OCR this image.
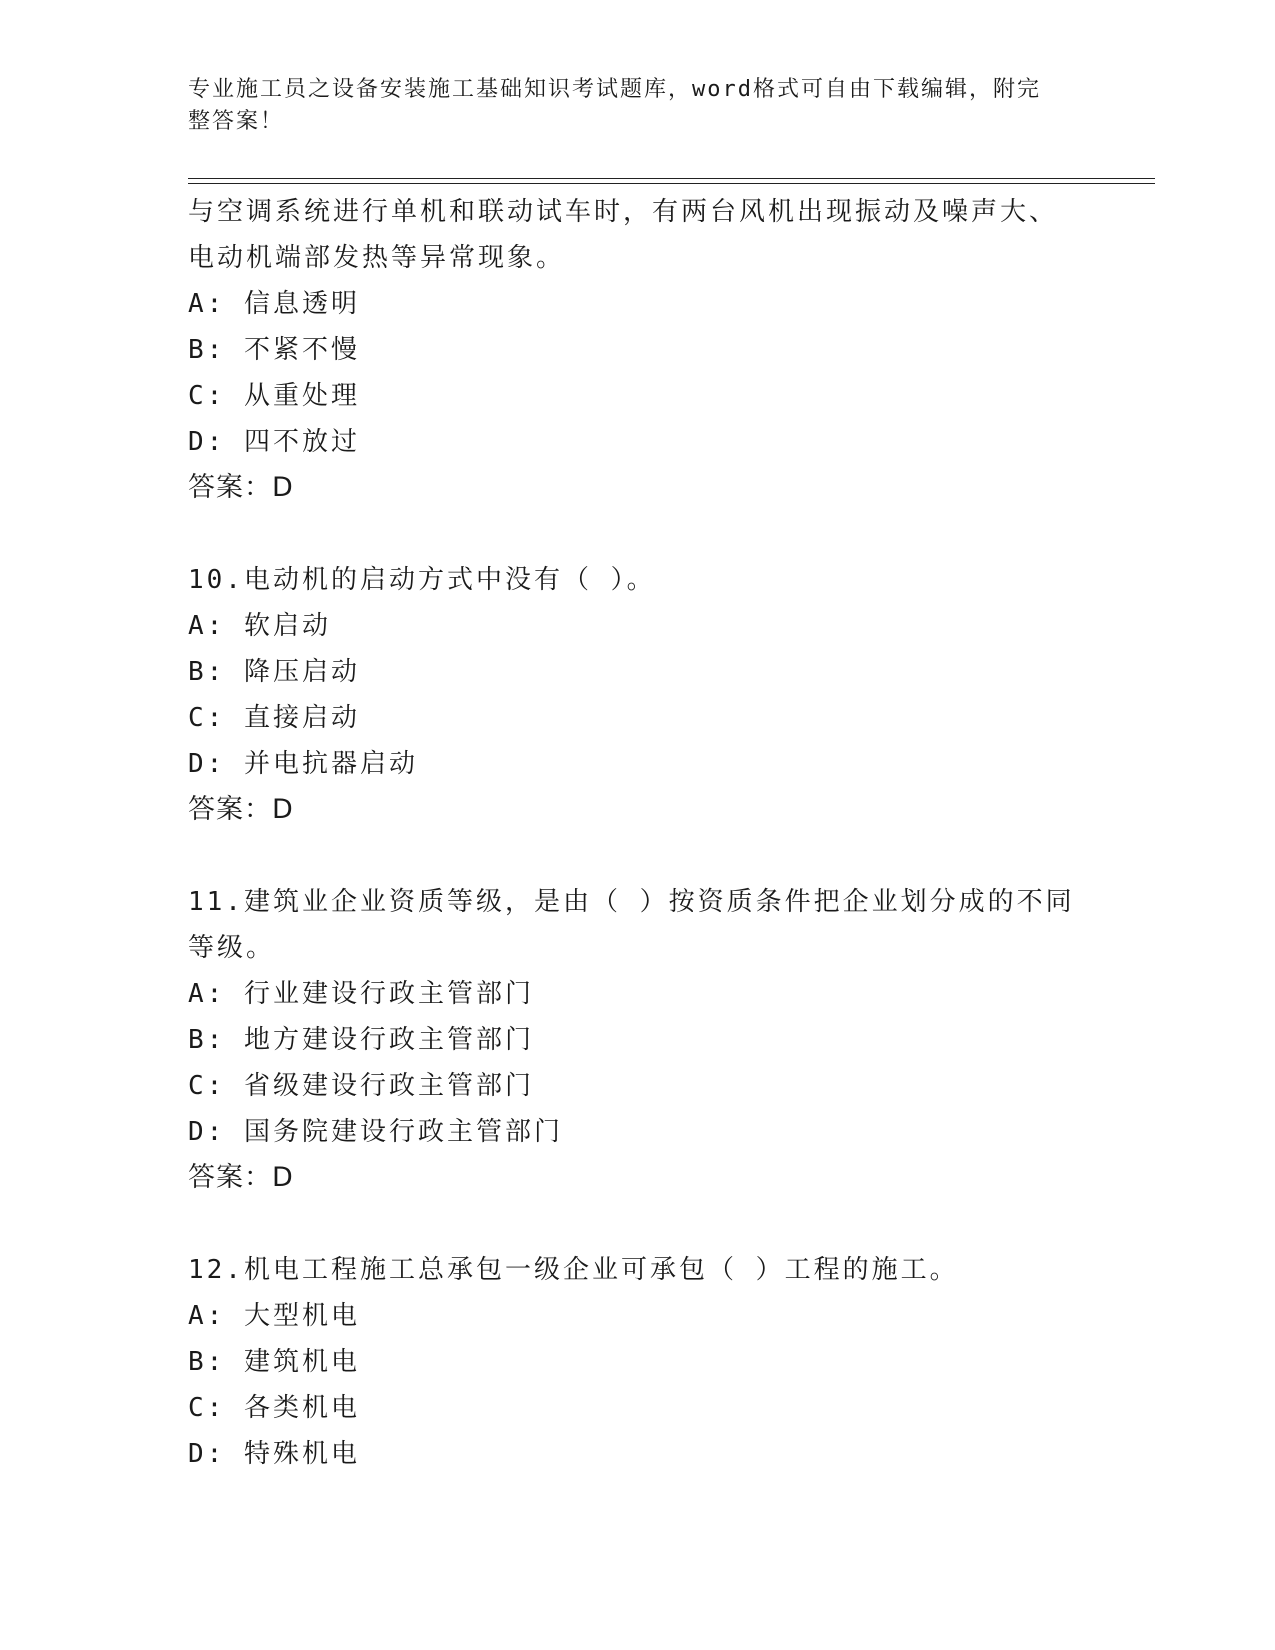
专业施工员之设备安装施工基础知识考试题库，word格式可自由下载编辑，附完
整答案！
与空调系统进行单机和联动试车时，有两台风机出现振动及噪声大、
电动机端部发热等异常现象。
A: 信息透明
B: 不紧不慢
C: 从重处理
D: 四不放过
答案：D
10.电动机的启动方式中没有（ ）。
A: 软启动
B: 降压启动
C: 直接启动
D: 并电抗器启动
答案：D
11.建筑业企业资质等级，是由（ ）按资质条件把企业划分成的不同
等级。
A: 行业建设行政主管部门
B: 地方建设行政主管部门
C: 省级建设行政主管部门
D: 国务院建设行政主管部门
答案：D
12.机电工程施工总承包一级企业可承包（ ）工程的施工。
A: 大型机电
B: 建筑机电
C: 各类机电
D: 特殊机电
